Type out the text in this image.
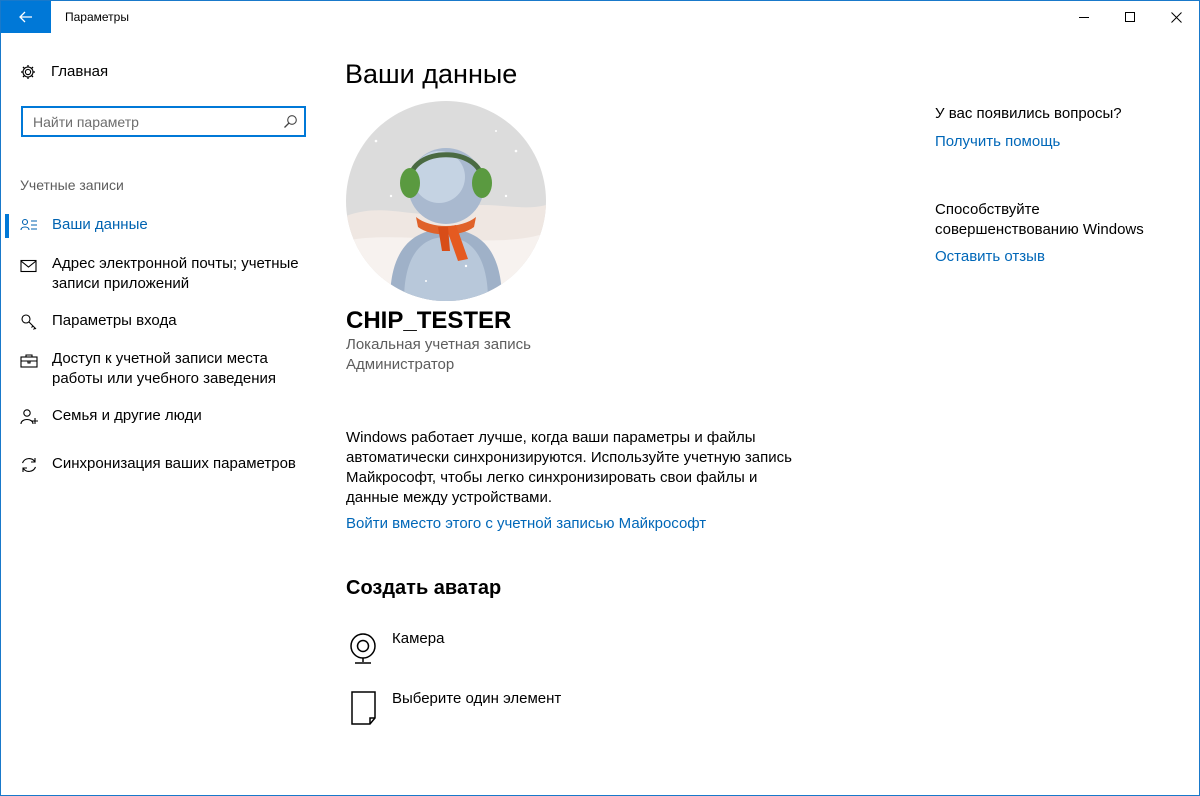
Параметры
Главная
Найти параметр
Учетные записи
Ваши данные
Адрес электронной почты; учетные записи приложений
Параметры входа
Доступ к учетной записи места работы или учебного заведения
Семья и другие люди
Синхронизация ваших параметров
Ваши данные
CHIP_TESTER
Локальная учетная запись
Администратор

Windows работает лучше, когда ваши параметры и файлы автоматически синхронизируются. Используйте учетную запись Майкрософт, чтобы легко синхронизировать свои файлы и данные между устройствами.

Войти вместо этого с учетной записью Майкрософт
Создать аватар
Камера
Выберите один элемент
У вас появились вопросы?
Получить помощь
Способствуйте совершенствованию Windows
Оставить отзыв
